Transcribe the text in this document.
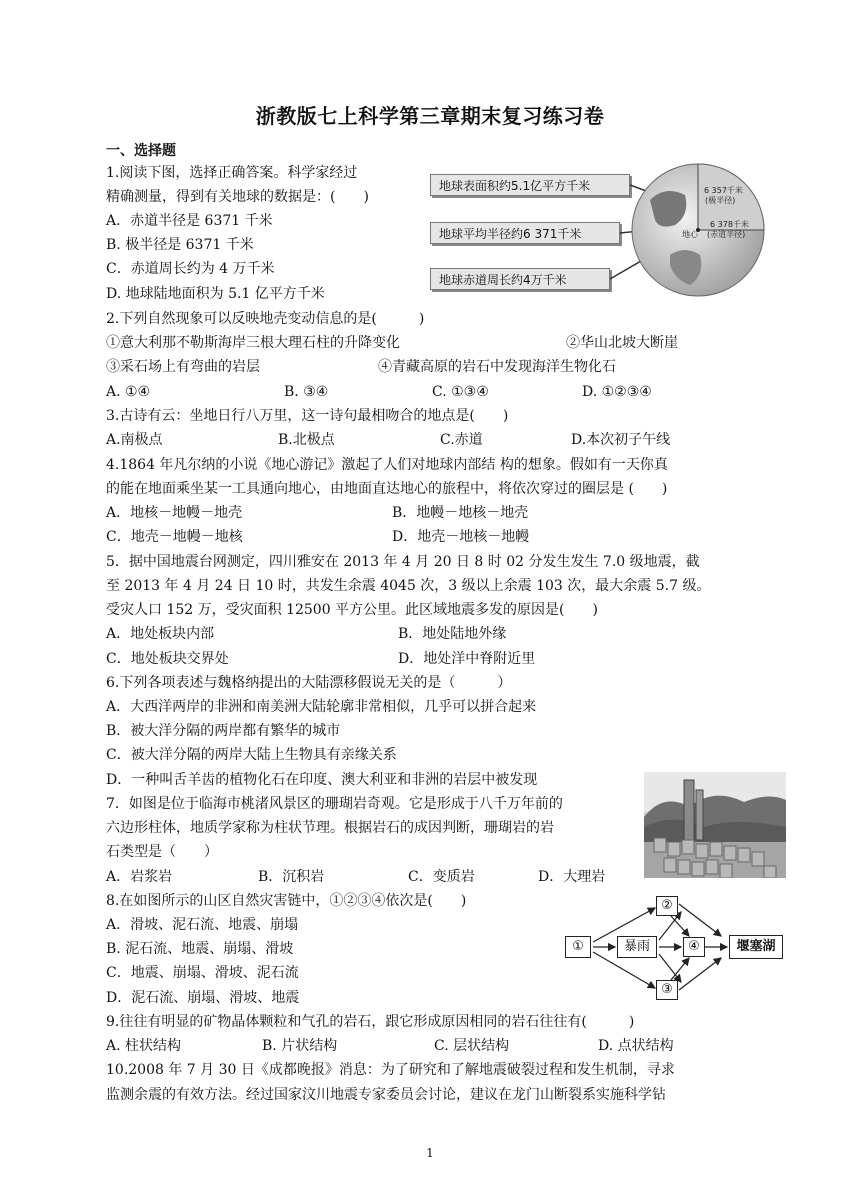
浙教版七上科学第三章期末复习练习卷
一、选择题
1.阅读下图，选择正确答案。科学家经过
精确测量，得到有关地球的数据是：(　　)
A．赤道半径是 6371 千米
B. 极半径是 6371 千米
C．赤道周长约为 4 万千米
D. 地球陆地面积为 5.1 亿平方千米
地球表面积约5.1亿平方千米
地球平均半径约6 371千米
地球赤道周长约4万千米
6 357千米
(极半径)
地心
6 378千米
(赤道半径)
2.下列自然现象可以反映地壳变动信息的是(　　　)
①意大利那不勒斯海岸三根大理石柱的升降变化	②华山北坡大断崖
③采石场上有弯曲的岩层	④青藏高原的岩石中发现海洋生物化石
A. ①④	B. ③④	C. ①③④	D. ①②③④
3.古诗有云：坐地日行八万里，这一诗句最相吻合的地点是(　　)
A.南极点	B.北极点	C.赤道	D.本次初子午线
4.1864 年凡尔纳的小说《地心游记》激起了人们对地球内部结 构的想象。假如有一天你真
的能在地面乘坐某一工具通向地心，由地面直达地心的旅程中，将依次穿过的圈层是 (　　)
A．地核－地幔－地壳	B．地幔－地核－地壳
C．地壳－地幔－地核	D．地壳－地核－地幔
5．据中国地震台网测定，四川雅安在 2013 年 4 月 20 日 8 时 02 分发生发生 7.0 级地震，截
至 2013 年 4 月 24 日 10 时，共发生余震 4045 次，3 级以上余震 103 次，最大余震 5.7 级。
受灾人口 152 万，受灾面积 12500 平方公里。此区域地震多发的原因是(　　)
A．地处板块内部	B．地处陆地外缘
C．地处板块交界处	D．地处洋中脊附近里
6.下列各项表述与魏格纳提出的大陆漂移假说无关的是（　　　）
A．大西洋两岸的非洲和南美洲大陆轮廓非常相似，几乎可以拼合起来
B．被大洋分隔的两岸都有繁华的城市
C．被大洋分隔的两岸大陆上生物具有亲缘关系
D．一种叫舌羊齿的植物化石在印度、澳大利亚和非洲的岩层中被发现
7．如图是位于临海市桃渚风景区的珊瑚岩奇观。它是形成于八千万年前的
六边形柱体，地质学家称为柱状节理。根据岩石的成因判断，珊瑚岩的岩
石类型是（　　）
A．岩浆岩	B．沉积岩	C．变质岩	D．大理岩
8.在如图所示的山区自然灾害链中，①②③④依次是(　　)
A．滑坡、泥石流、地震、崩塌
B. 泥石流、地震、崩塌、滑坡
C．地震、崩塌、滑坡、泥石流
D．泥石流、崩塌、滑坡、地震
①	暴雨
②
③
④	堰塞湖
9.往往有明显的矿物晶体颗粒和气孔的岩石，跟它形成原因相同的岩石往往有(　　　)
A. 柱状结构	B. 片状结构	C. 层状结构	D. 点状结构
10.2008 年 7 月 30 日《成都晚报》消息：为了研究和了解地震破裂过程和发生机制，寻求
监测余震的有效方法。经过国家汶川地震专家委员会讨论，建议在龙门山断裂系实施科学钻
1
